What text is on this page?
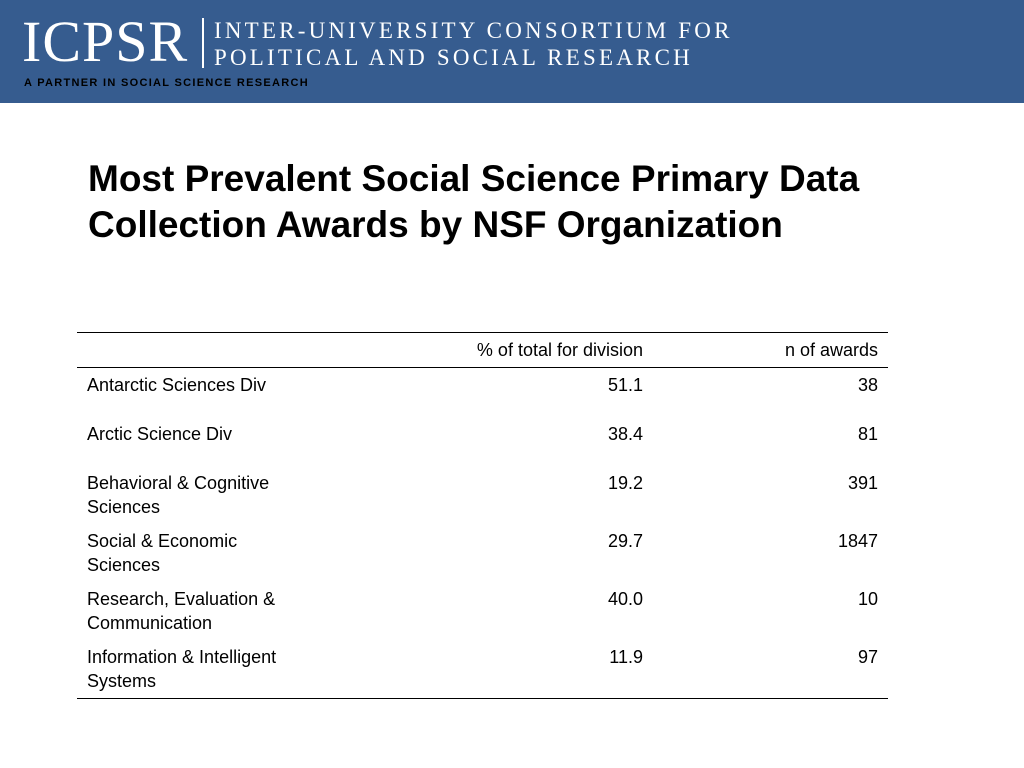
ICPSR INTER-UNIVERSITY CONSORTIUM FOR
POLITICAL AND SOCIAL RESEARCH
A PARTNER IN SOCIAL SCIENCE RESEARCH
Most Prevalent Social Science Primary Data Collection Awards by NSF Organization
	% of total for division	n of awards
Antarctic Sciences Div	51.1	38
Arctic Science Div	38.4	81
Behavioral & Cognitive Sciences	19.2	391
Social & Economic Sciences	29.7	1847
Research, Evaluation & Communication	40.0	10
Information & Intelligent Systems	11.9	97
